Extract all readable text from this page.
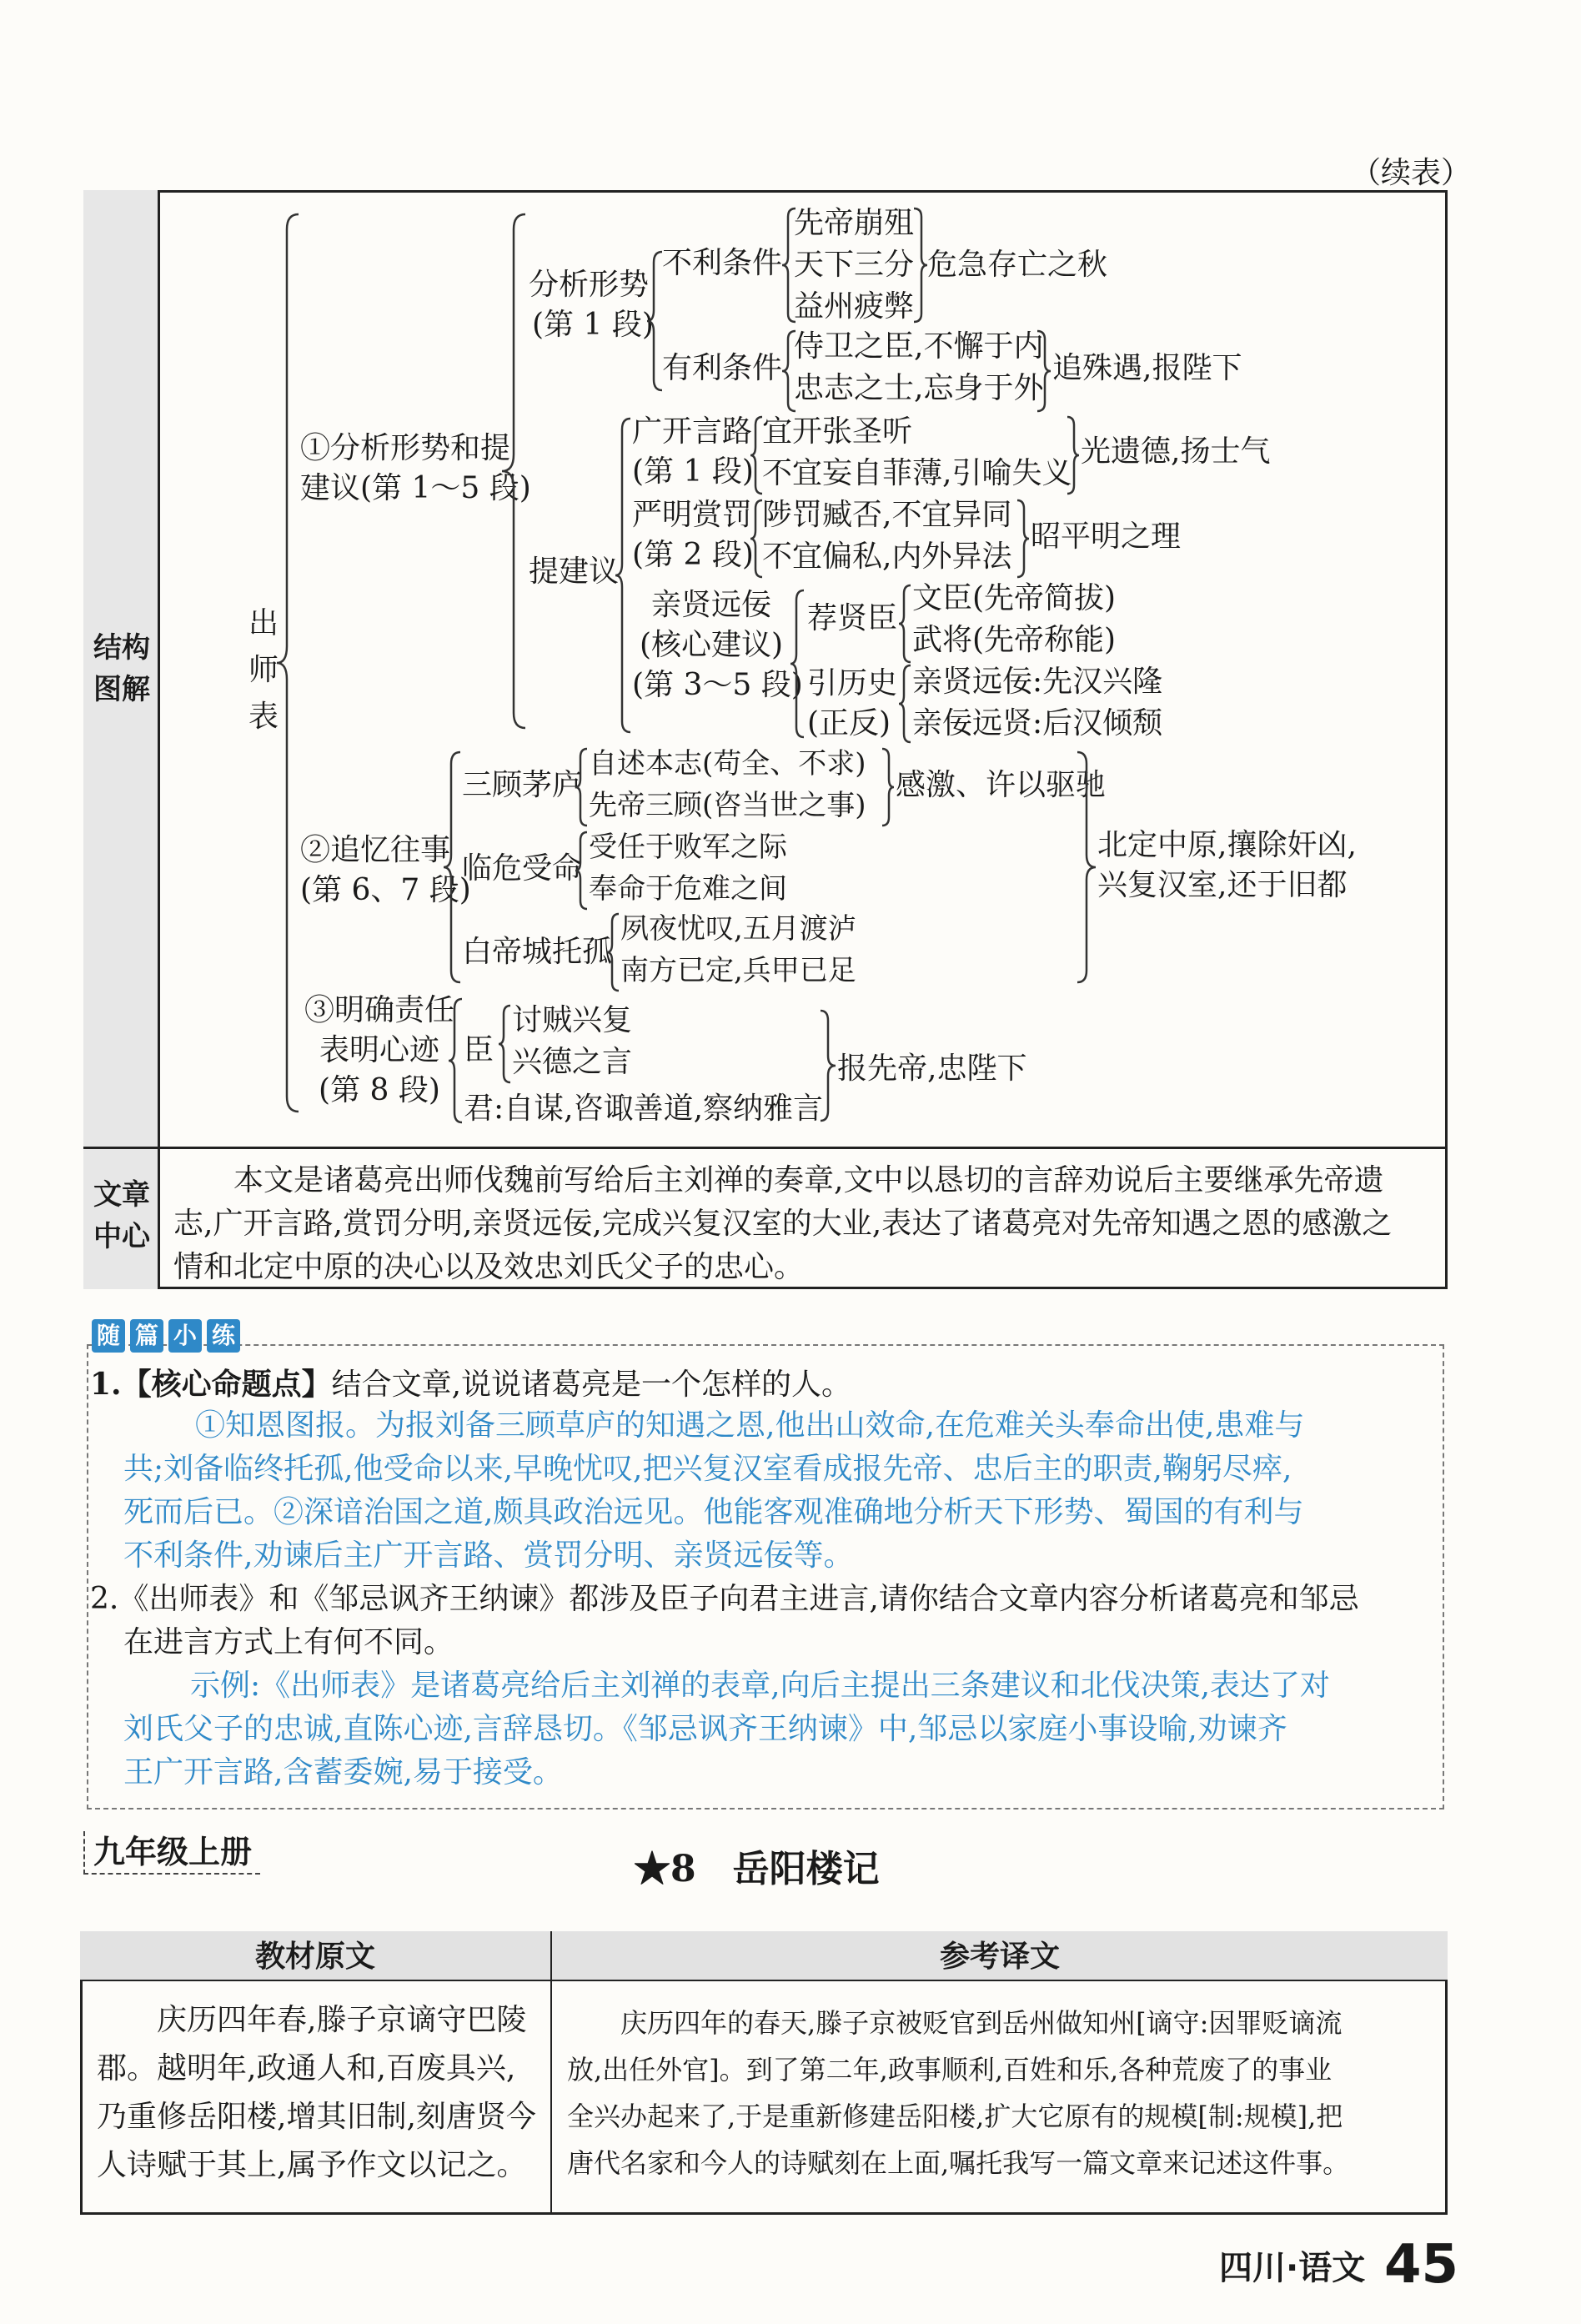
（续表）
结构
图解
文章
中心
出
师
表
①分析形势和提
建议(第 1～5 段)
分析形势
(第 1 段)
不利条件
先帝崩殂
天下三分
益州疲弊
危急存亡之秋
有利条件
侍卫之臣,不懈于内
忠志之士,忘身于外
追殊遇,报陛下
提建议
广开言路
(第 1 段)
宜开张圣听
不宜妄自菲薄,引喻失义
光遗德,扬士气
严明赏罚
(第 2 段)
陟罚臧否,不宜异同
不宜偏私,内外异法
昭平明之理
亲贤远佞
(核心建议)
(第 3～5 段)
荐贤臣
文臣(先帝简拔)
武将(先帝称能)
引历史
(正反)
亲贤远佞:先汉兴隆
亲佞远贤:后汉倾颓
②追忆往事
(第 6、7 段)
三顾茅庐
自述本志(苟全、不求)
先帝三顾(咨当世之事)
感激、许以驱驰
临危受命
受任于败军之际
奉命于危难之间
白帝城托孤
夙夜忧叹,五月渡泸
南方已定,兵甲已足
北定中原,攘除奸凶,
兴复汉室,还于旧都
③明确责任
表明心迹
(第 8 段)
臣
讨贼兴复
兴德之言
君:自谋,咨诹善道,察纳雅言
报先帝,忠陛下
本文是诸葛亮出师伐魏前写给后主刘禅的奏章,文中以恳切的言辞劝说后主要继承先帝遗
志,广开言路,赏罚分明,亲贤远佞,完成兴复汉室的大业,表达了诸葛亮对先帝知遇之恩的感激之
情和北定中原的决心以及效忠刘氏父子的忠心。
随 篇 小 练
1.【核心命题点】结合文章,说说诸葛亮是一个怎样的人。
①知恩图报。为报刘备三顾草庐的知遇之恩,他出山效命,在危难关头奉命出使,患难与
共;刘备临终托孤,他受命以来,早晚忧叹,把兴复汉室看成报先帝、忠后主的职责,鞠躬尽瘁,
死而后已。②深谙治国之道,颇具政治远见。他能客观准确地分析天下形势、蜀国的有利与
不利条件,劝谏后主广开言路、赏罚分明、亲贤远佞等。
2.《出师表》和《邹忌讽齐王纳谏》都涉及臣子向君主进言,请你结合文章内容分析诸葛亮和邹忌
在进言方式上有何不同。
示例:《出师表》是诸葛亮给后主刘禅的表章,向后主提出三条建议和北伐决策,表达了对
刘氏父子的忠诚,直陈心迹,言辞恳切。《邹忌讽齐王纳谏》中,邹忌以家庭小事设喻,劝谏齐
王广开言路,含蓄委婉,易于接受。
九年级上册	★8　岳阳楼记
教材原文	参考译文
庆历四年春,滕子京谪守巴陵
郡。越明年,政通人和,百废具兴,
乃重修岳阳楼,增其旧制,刻唐贤今
人诗赋于其上,属予作文以记之。
庆历四年的春天,滕子京被贬官到岳州做知州[谪守:因罪贬谪流
放,出任外官]。到了第二年,政事顺利,百姓和乐,各种荒废了的事业
全兴办起来了,于是重新修建岳阳楼,扩大它原有的规模[制:规模],把
唐代名家和今人的诗赋刻在上面,嘱托我写一篇文章来记述这件事。
四川·语文 45
